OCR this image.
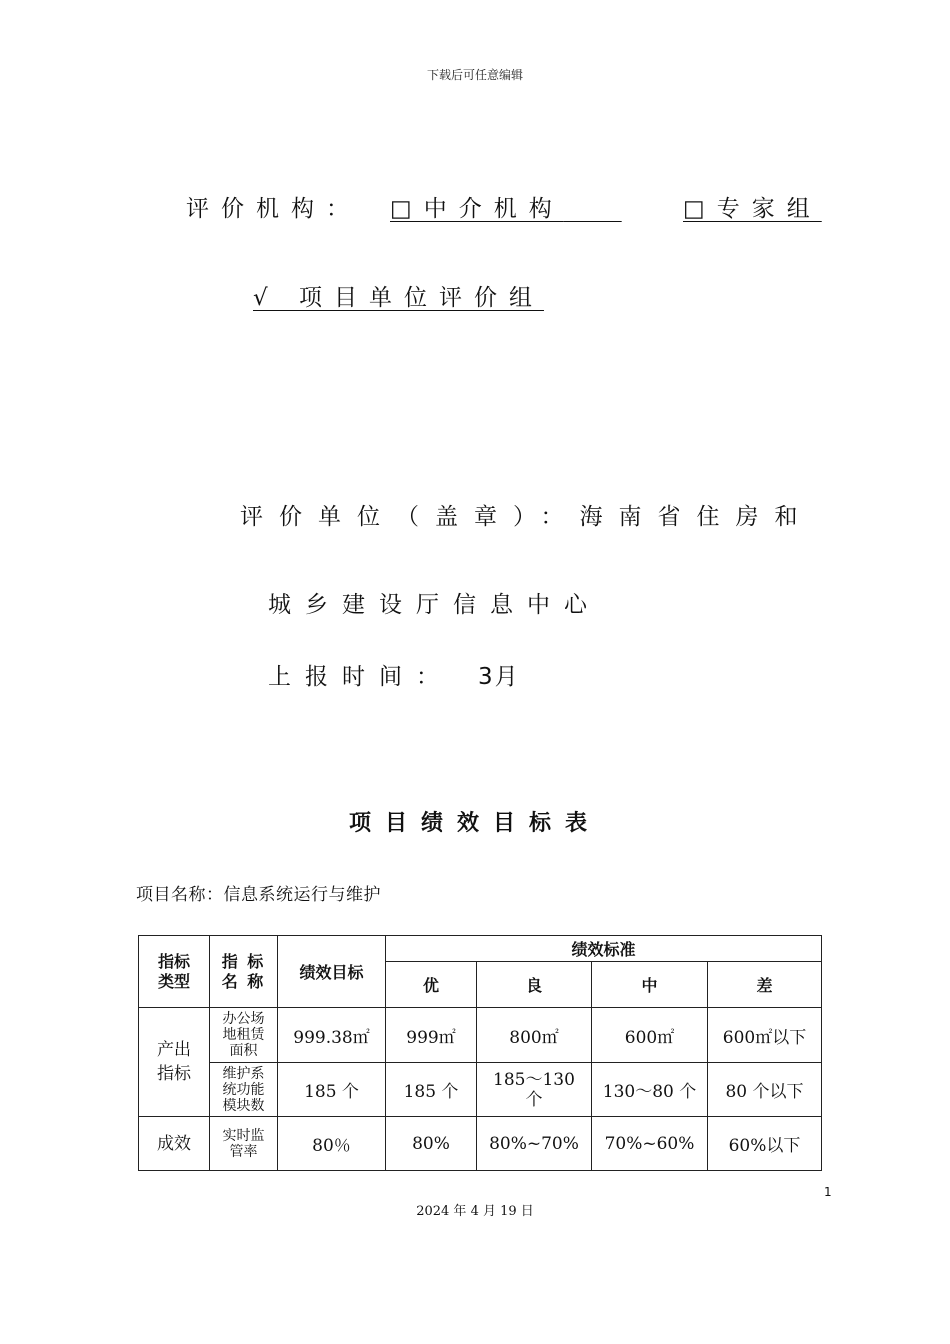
下载后可任意编辑
评价机构： □中介机构	□专家组
√ 项目单位评价组
评价单位（盖章）：海南省住房和
城乡建设厅信息中心
上报时间： 3月
项目绩效目标表
项目名称：信息系统运行与维护
指标类型	指 标名 称	绩效目标	绩效标准			
			优	良	中	差
产出指标	办公场地租赁面积	999.38㎡	999㎡	800㎡	600㎡	600㎡以下
	维护系统功能模块数	185 个	185 个	185～130 个	130～80 个	80 个以下
成效	实时监管率	80％	80%	80%~70%	70%~60%	60%以下
1
2024 年 4 月 19 日
